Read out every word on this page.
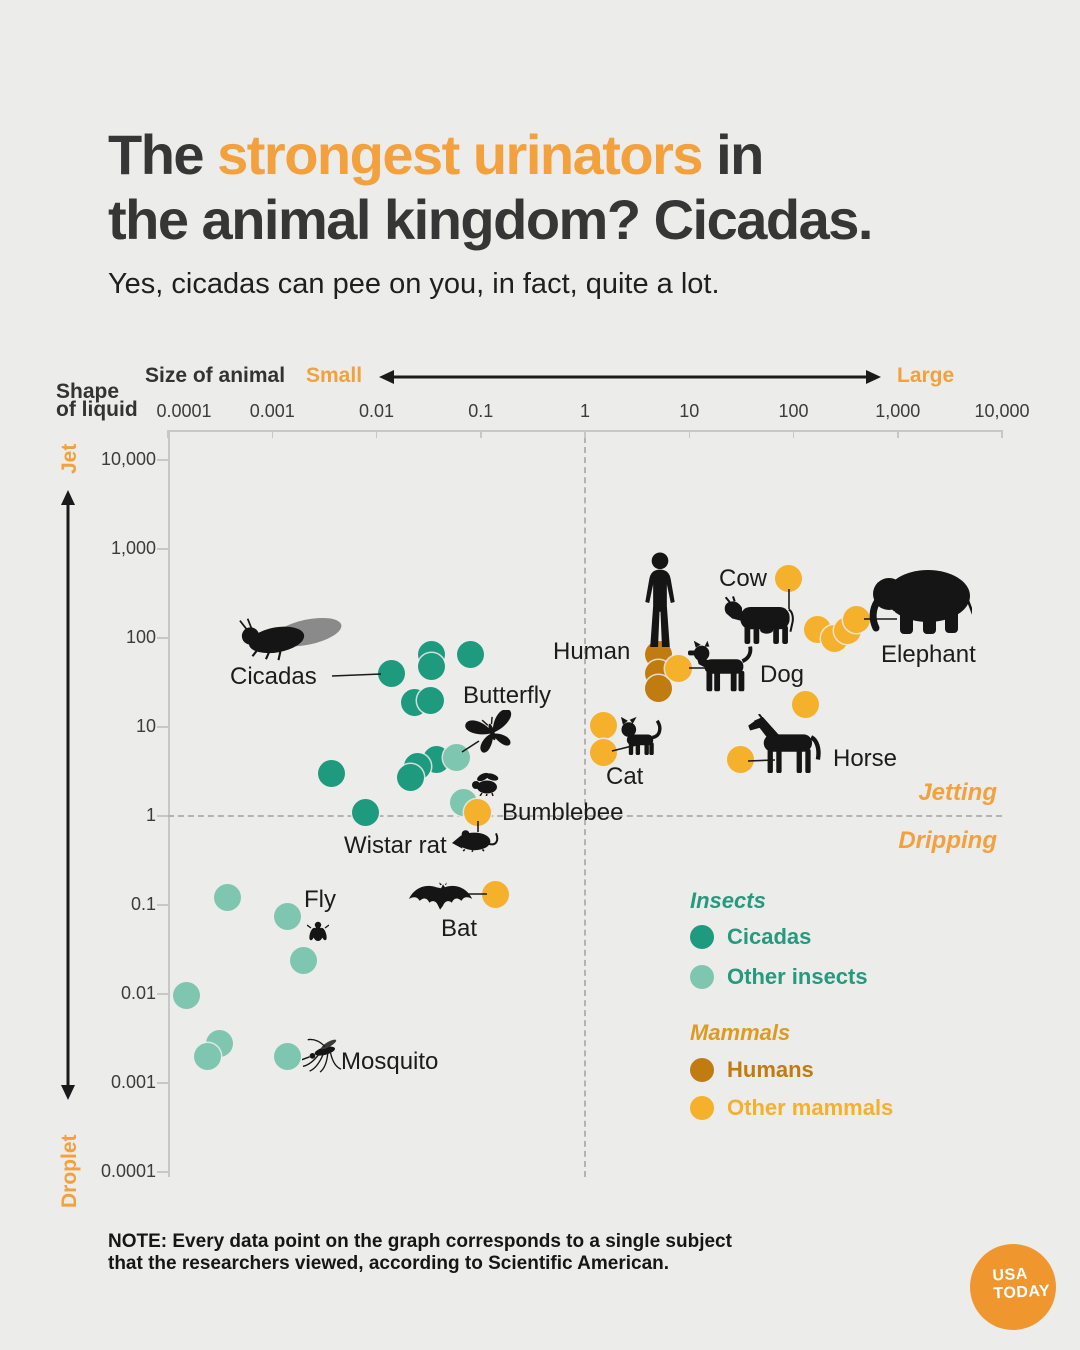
The strongest urinators in
the animal kingdom? Cicadas.
Yes, cicadas can pee on you, in fact, quite a lot.
Size of animal Small	Large
Shape
of liquid
Jet
Droplet
0.0001	0.001	0.01	0.1	1	10	100	1,000	10,000
10,000
1,000
100
10
1
0.1
0.01
0.001
0.0001
Jetting
Dripping
Cicadas
Butterfly
Bumblebee
Wistar rat
Bat
Fly
Mosquito
Human
Cow
Dog
Cat
Horse
Elephant
Insects
Cicadas
Other insects
Mammals
Humans
Other mammals
NOTE: Every data point on the graph corresponds to a single subject
that the researchers viewed, according to Scientific American.
USA
TODAY
